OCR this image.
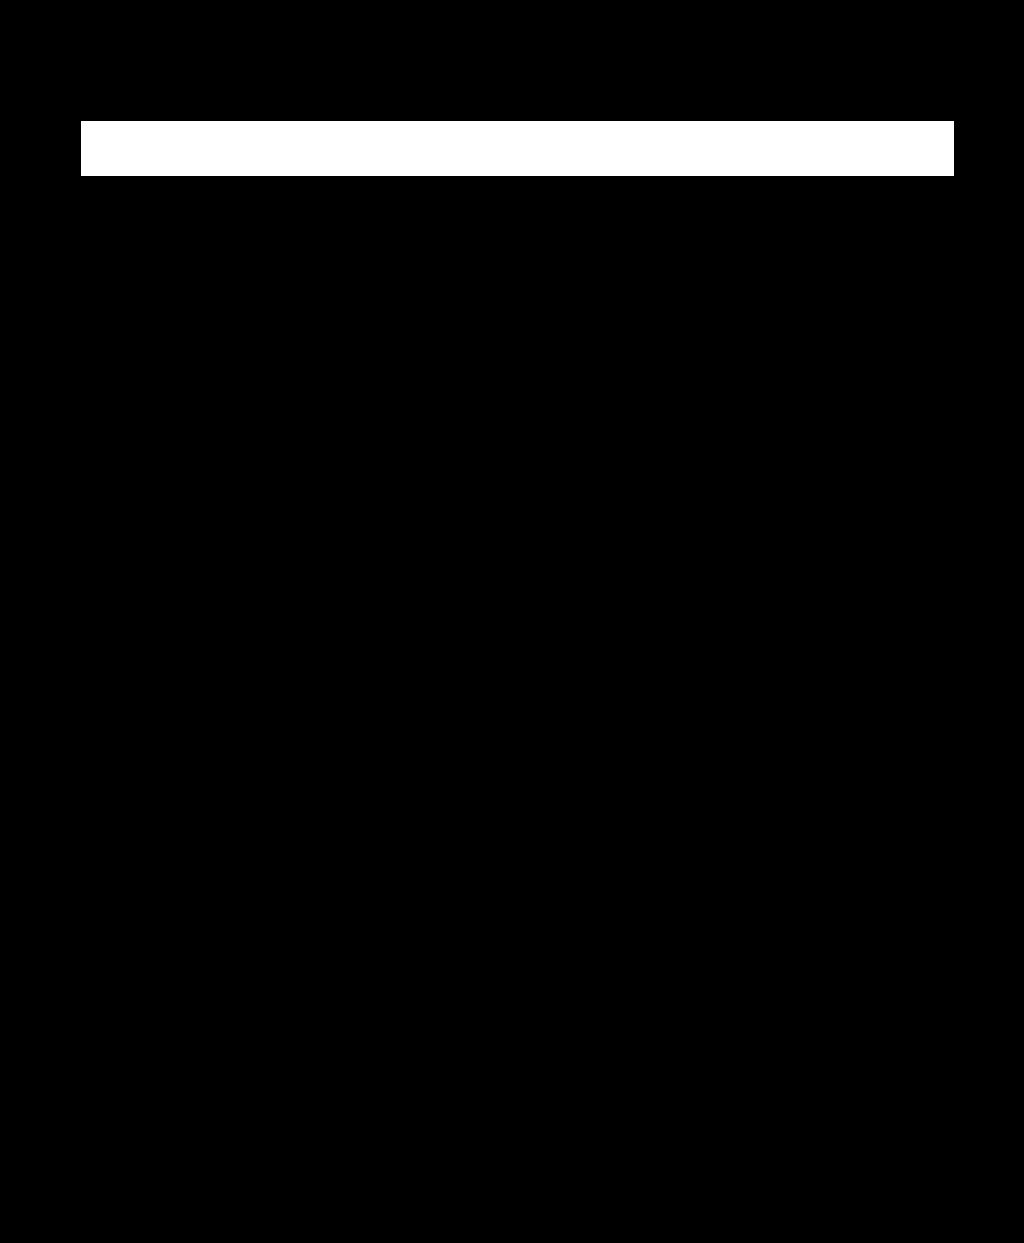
WELCOME TO ALL VISITORS: For those visiting an Orthodox Church for the first time, please be aware that Holy Communion is a sign of unity of faith which is only offered to Baptized or Chrismated Orthodox Christians. All present are welcome, however, to partake of the antidoro (blessed bread) which is distributed at the end of the service. Those interested in learning more about the Orthodox Christian faith, please feel free to see Fr. Demetri after the service. This week, to assist you in the Narthex we have at the Pangary: Alex Mavradis, James Karimbakas; Greeter: Fotene Andreadis; Ushers: Marica Andreadis, Mary Cleary, Chris Karimbakas, Charles Eliopoulos.

MEMORIALS: Memorial service is offered today for the repose of the soul of Theodore Eliott (10 years). May his memory be eternal!

Please join us for fellowship immediately following the Liturgy in the Anastasia and Spiro Davis Hall. The fellowship hour will be offered by the Parish Council members.

DONATION: We would like to thank Mr. & Mrs. James Boulogiane and the Philoptochos Ladies Society for donating the flowers for the Feast of the Dormition of the Theotokos.

CATHEDRAL GREEK SCHOOL: Registration for the Greek School new academic year has begun! We encourage all parents to enroll their children in our Cathedral's outstanding Greek School. Student enrollment is available online at: http://bostoncathedral.org/greekschool.html or by completing the Registration Form found in the bulletin. For any questions or information please talk to Anastasia Moragianni or call 617-731-6633.

GREEK FESTIVAL MEETING: On Tuesday, August 29 at 7:00 pm. we will hold the next Festival meeting at the mansion. You are all welcome.

NATIVITY OF THE THEOTOKOS: On Thursday, September 7 we will commemorate the Feast of the Nativity of the Theotokos at the Chapel at 7:00 pm.

2017 CATHEDRAL GREEK FEST: On September 15, 16, and 17 we will hold our annual Greek Festival in Brookline. Make sure to mark the dates on your calendar and tell all of your family and friends!

ATTIC TREASURES: If you have any treasures you would like to share, then please bring them to the Cathedral office 617-731-6633.

VOLUNTEERS: This year, we once again need volunteers for the Festival. There are many areas from which to choose. For more information please call the Cathedral office at 617-731-6633.

ANNUNCIATION CATHEDRAL AND THE BOSTON HOMELESS VETERANS: The next service day at the Homeless Veterans Shelter is on Monday, September 18 at 4:15 pm. All volunteers are welcome. Please contact Mr. Peter Vergados at 617-964-0077.
